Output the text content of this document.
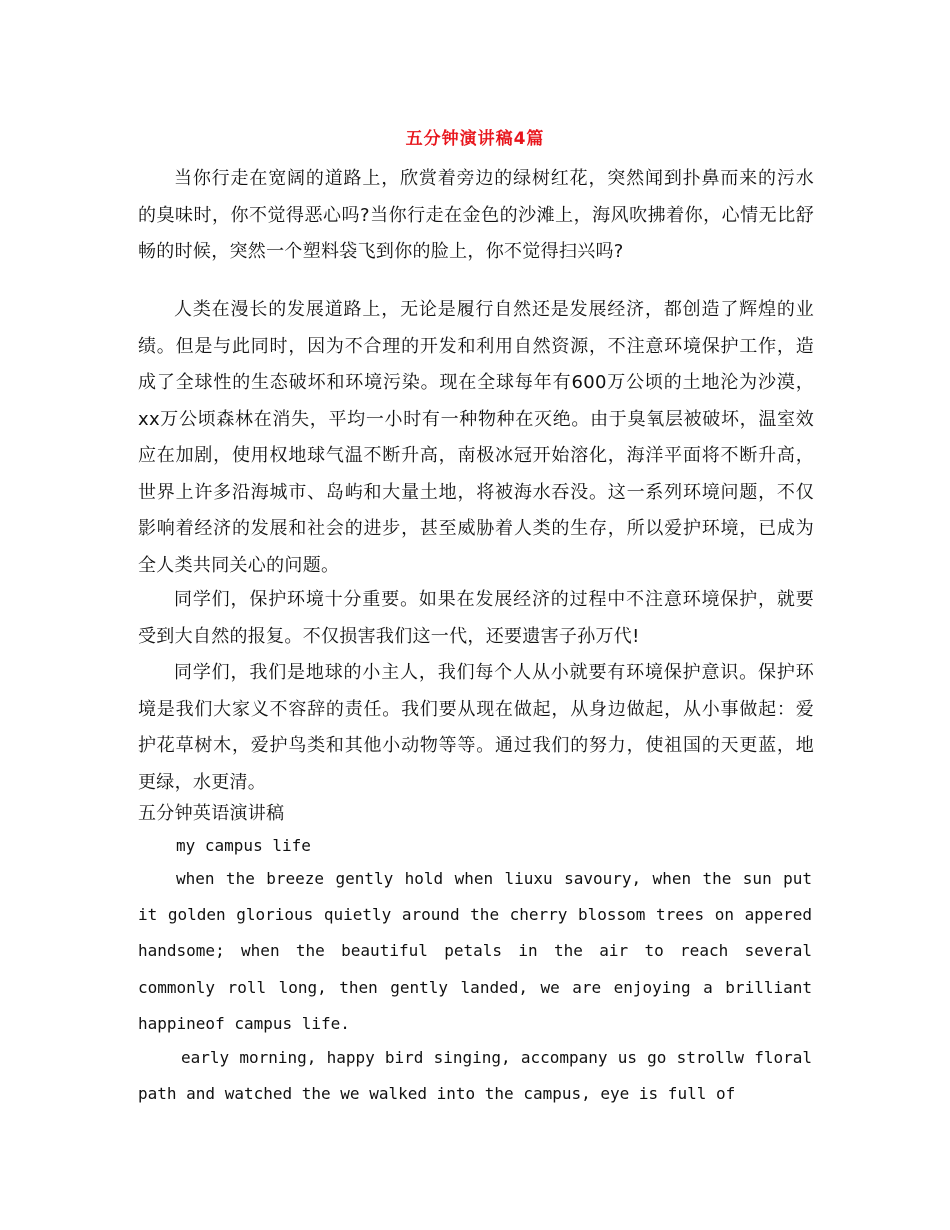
五分钟演讲稿4篇

当你行走在宽阔的道路上，欣赏着旁边的绿树红花，突然闻到扑鼻而来的污水的臭味时，你不觉得恶心吗?当你行走在金色的沙滩上，海风吹拂着你，心情无比舒畅的时候，突然一个塑料袋飞到你的脸上，你不觉得扫兴吗?

人类在漫长的发展道路上，无论是履行自然还是发展经济，都创造了辉煌的业绩。但是与此同时，因为不合理的开发和利用自然资源，不注意环境保护工作，造成了全球性的生态破坏和环境污染。现在全球每年有600万公顷的土地沦为沙漠，xx万公顷森林在消失，平均一小时有一种物种在灭绝。由于臭氧层被破坏，温室效应在加剧，使用权地球气温不断升高，南极冰冠开始溶化，海洋平面将不断升高，世界上许多沿海城市、岛屿和大量土地，将被海水吞没。这一系列环境问题，不仅影响着经济的发展和社会的进步，甚至威胁着人类的生存，所以爱护环境，已成为全人类共同关心的问题。

同学们，保护环境十分重要。如果在发展经济的过程中不注意环境保护，就要受到大自然的报复。不仅损害我们这一代，还要遗害子孙万代!

同学们，我们是地球的小主人，我们每个人从小就要有环境保护意识。保护环境是我们大家义不容辞的责任。我们要从现在做起，从身边做起，从小事做起：爱护花草树木，爱护鸟类和其他小动物等等。通过我们的努力，使祖国的天更蓝，地更绿，水更清。

五分钟英语演讲稿

my campus life

when the breeze gently hold when liuxu savoury, when the sun put it golden glorious quietly around the cherry blossom trees on appered handsome; when the beautiful petals in the air to reach several commonly roll long, then gently landed, we are enjoying a brilliant happineof campus life.

early morning, happy bird singing, accompany us go strollw floral path and watched the we walked into the campus, eye is full of
